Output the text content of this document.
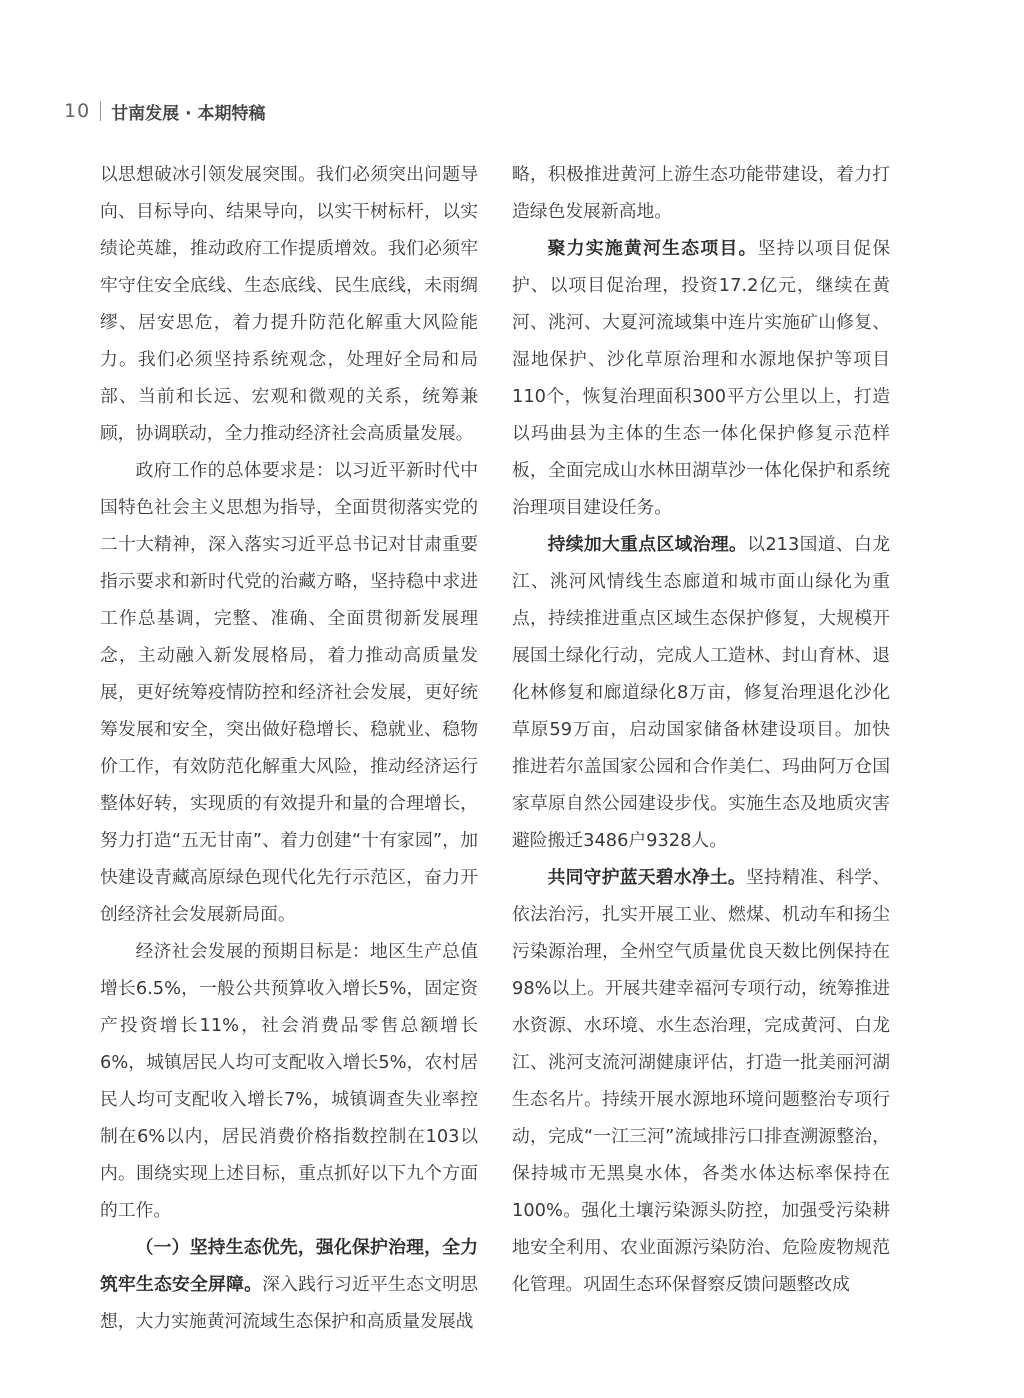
10 甘南发展 · 本期特稿

以思想破冰引领发展突围。我们必须突出问题导向、目标导向、结果导向，以实干树标杆，以实绩论英雄，推动政府工作提质增效。我们必须牢牢守住安全底线、生态底线、民生底线，未雨绸缪、居安思危，着力提升防范化解重大风险能力。我们必须坚持系统观念，处理好全局和局部、当前和长远、宏观和微观的关系，统筹兼顾，协调联动，全力推动经济社会高质量发展。

政府工作的总体要求是：以习近平新时代中国特色社会主义思想为指导，全面贯彻落实党的二十大精神，深入落实习近平总书记对甘肃重要指示要求和新时代党的治藏方略，坚持稳中求进工作总基调，完整、准确、全面贯彻新发展理念，主动融入新发展格局，着力推动高质量发展，更好统筹疫情防控和经济社会发展，更好统筹发展和安全，突出做好稳增长、稳就业、稳物价工作，有效防范化解重大风险，推动经济运行整体好转，实现质的有效提升和量的合理增长，努力打造“五无甘南”、着力创建“十有家园”，加快建设青藏高原绿色现代化先行示范区，奋力开创经济社会发展新局面。

经济社会发展的预期目标是：地区生产总值增长6.5%，一般公共预算收入增长5%，固定资产投资增长11%，社会消费品零售总额增长6%，城镇居民人均可支配收入增长5%，农村居民人均可支配收入增长7%，城镇调查失业率控制在6%以内，居民消费价格指数控制在103以内。围绕实现上述目标，重点抓好以下九个方面的工作。

（一）坚持生态优先，强化保护治理，全力筑牢生态安全屏障。深入践行习近平生态文明思想，大力实施黄河流域生态保护和高质量发展战

略，积极推进黄河上游生态功能带建设，着力打造绿色发展新高地。

聚力实施黄河生态项目。坚持以项目促保护、以项目促治理，投资17.2亿元，继续在黄河、洮河、大夏河流域集中连片实施矿山修复、湿地保护、沙化草原治理和水源地保护等项目110个，恢复治理面积300平方公里以上，打造以玛曲县为主体的生态一体化保护修复示范样板，全面完成山水林田湖草沙一体化保护和系统治理项目建设任务。

持续加大重点区域治理。以213国道、白龙江、洮河风情线生态廊道和城市面山绿化为重点，持续推进重点区域生态保护修复，大规模开展国土绿化行动，完成人工造林、封山育林、退化林修复和廊道绿化8万亩，修复治理退化沙化草原59万亩，启动国家储备林建设项目。加快推进若尔盖国家公园和合作美仁、玛曲阿万仓国家草原自然公园建设步伐。实施生态及地质灾害避险搬迁3486户9328人。

共同守护蓝天碧水净土。坚持精准、科学、依法治污，扎实开展工业、燃煤、机动车和扬尘污染源治理，全州空气质量优良天数比例保持在98%以上。开展共建幸福河专项行动，统筹推进水资源、水环境、水生态治理，完成黄河、白龙江、洮河支流河湖健康评估，打造一批美丽河湖生态名片。持续开展水源地环境问题整治专项行动，完成“一江三河”流域排污口排查溯源整治，保持城市无黑臭水体，各类水体达标率保持在100%。强化土壤污染源头防控，加强受污染耕地安全利用、农业面源污染防治、危险废物规范化管理。巩固生态环保督察反馈问题整改成
